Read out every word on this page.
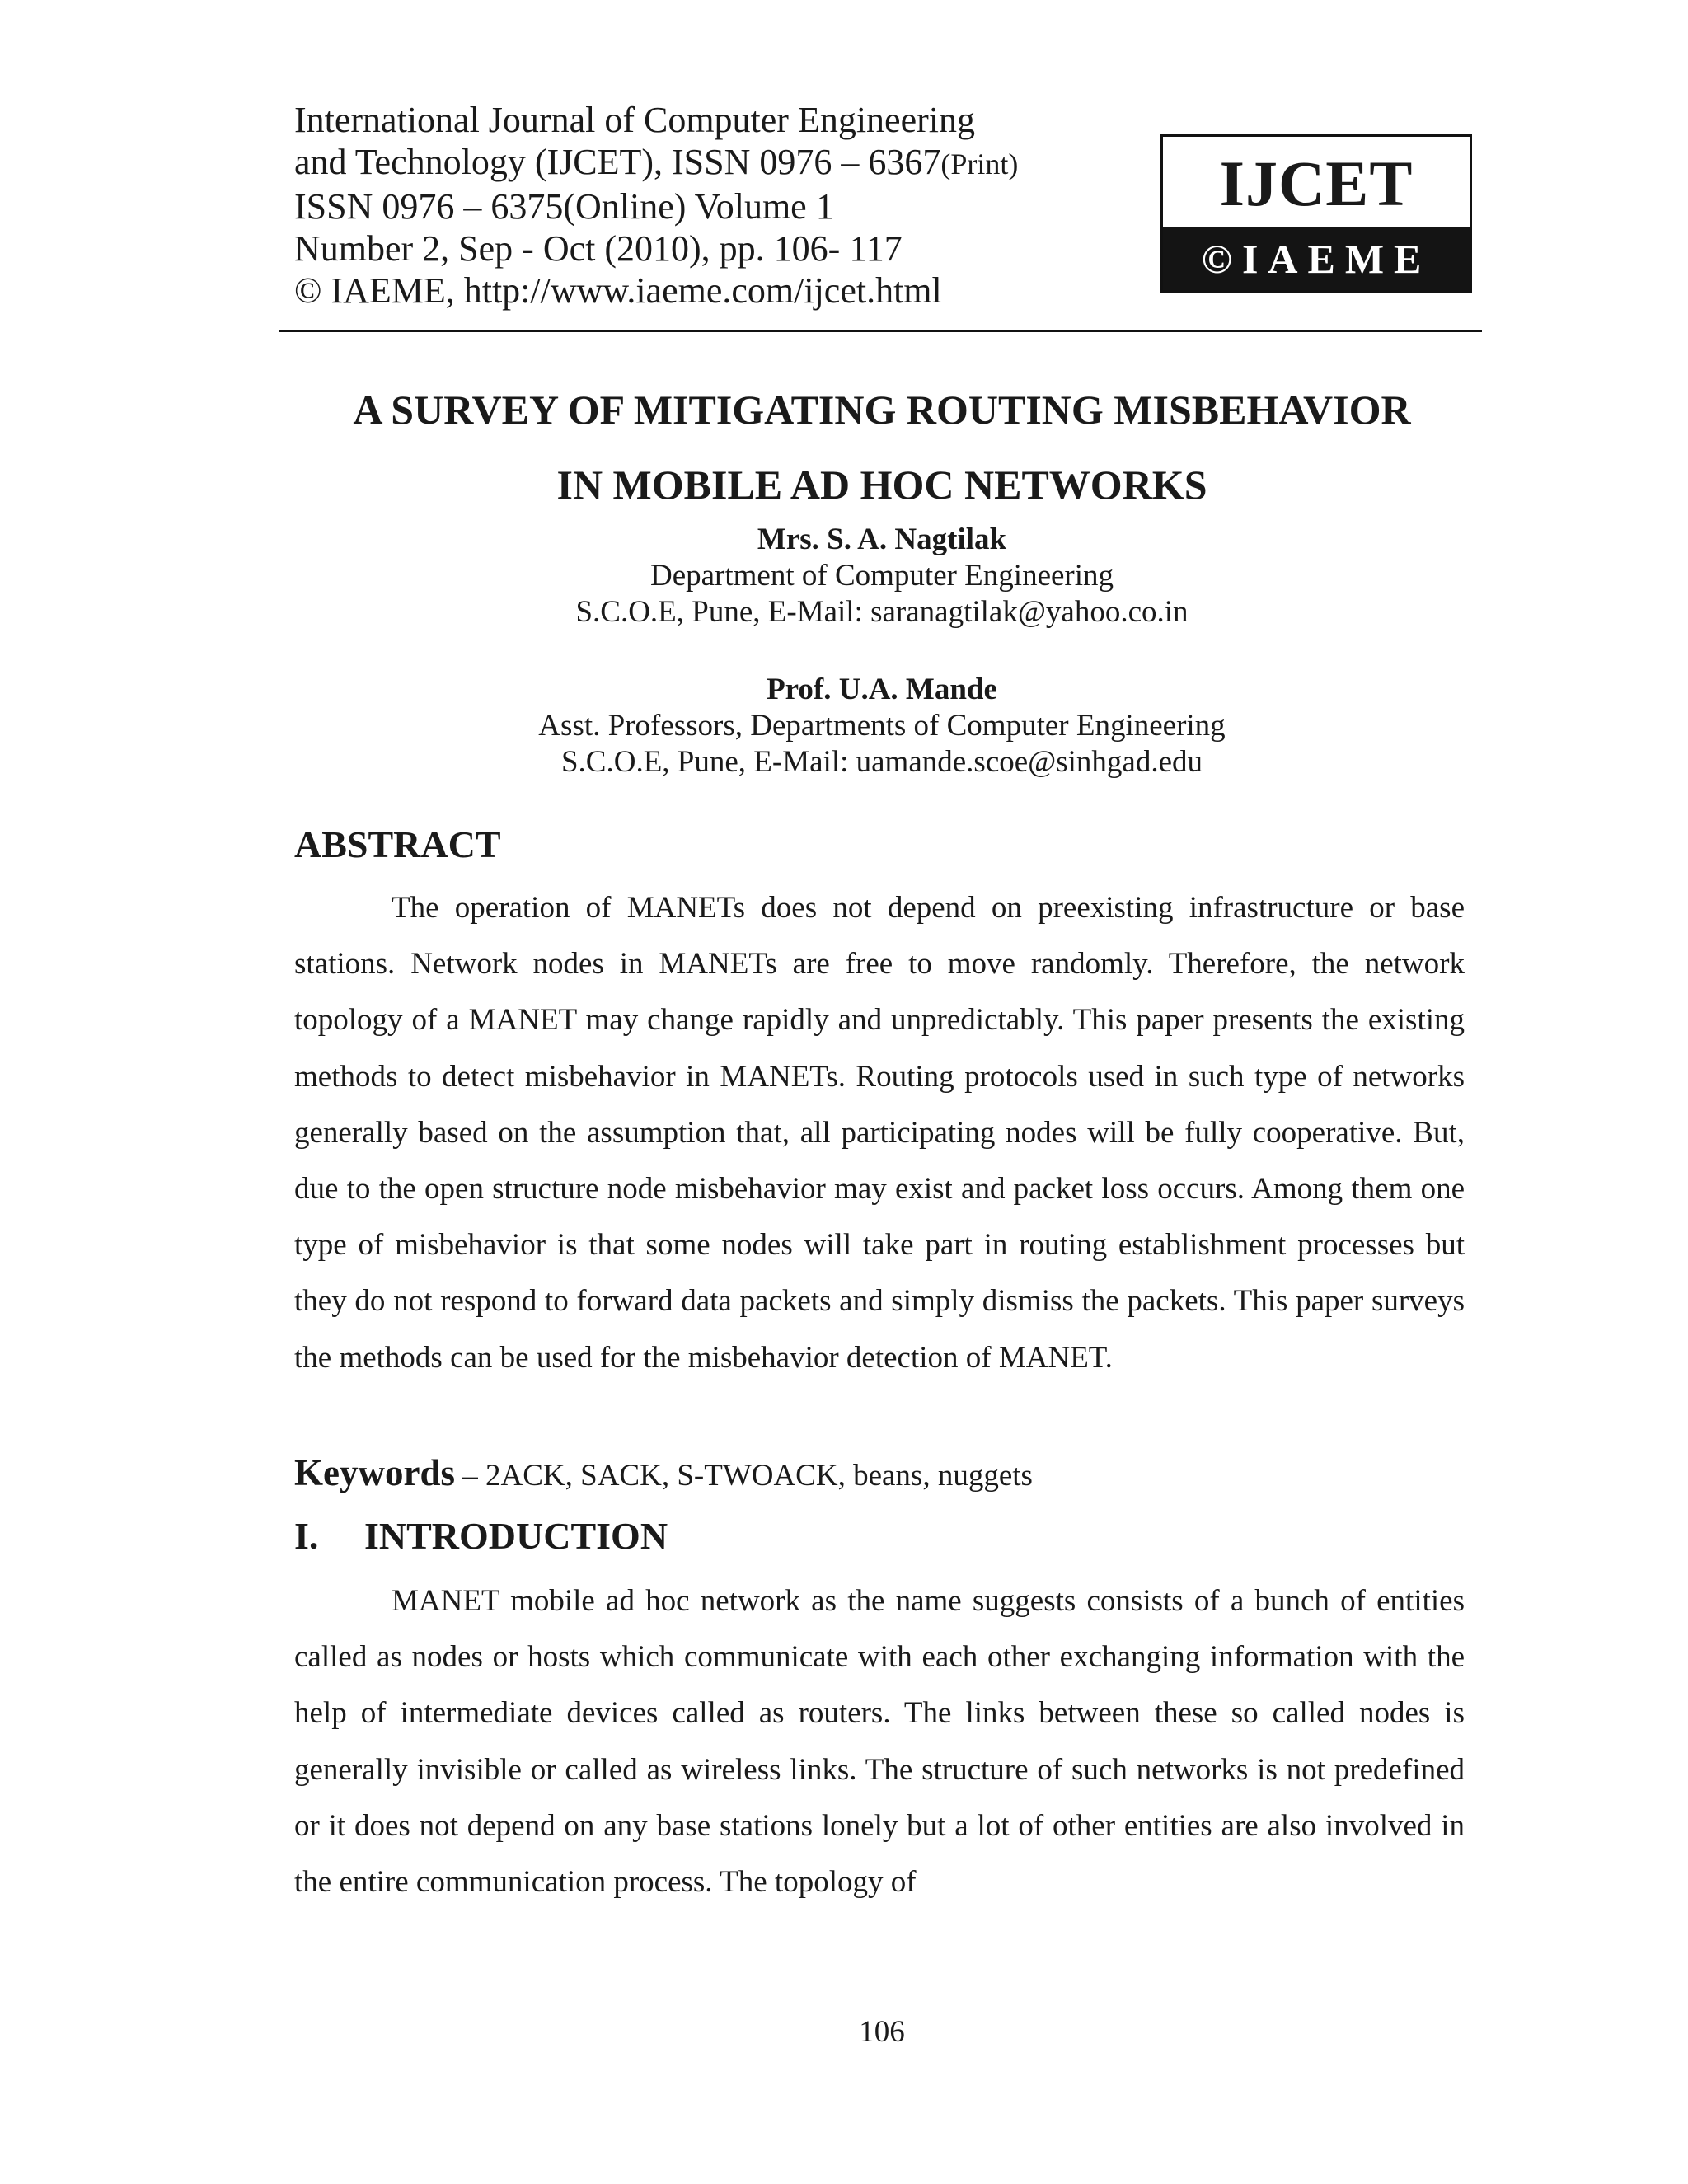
International Journal of Computer Engineering
and Technology (IJCET), ISSN 0976 – 6367(Print)
ISSN 0976 – 6375(Online) Volume 1
Number 2, Sep - Oct (2010), pp. 106- 117
© IAEME, http://www.iaeme.com/ijcet.html
IJCET
©IAEME
A SURVEY OF MITIGATING ROUTING MISBEHAVIOR
IN MOBILE AD HOC NETWORKS
Mrs. S. A. Nagtilak
Department of Computer Engineering
S.C.O.E, Pune, E-Mail: saranagtilak@yahoo.co.in
Prof. U.A. Mande
Asst. Professors, Departments of Computer Engineering
S.C.O.E, Pune, E-Mail: uamande.scoe@sinhgad.edu
ABSTRACT
The operation of MANETs does not depend on preexisting infrastructure or base stations. Network nodes in MANETs are free to move randomly. Therefore, the network topology of a MANET may change rapidly and unpredictably. This paper presents the existing methods to detect misbehavior in MANETs. Routing protocols used in such type of networks generally based on the assumption that, all participating nodes will be fully cooperative. But, due to the open structure node misbehavior may exist and packet loss occurs. Among them one type of misbehavior is that some nodes will take part in routing establishment processes but they do not respond to forward data packets and simply dismiss the packets. This paper surveys the methods can be used for the misbehavior detection of MANET.
Keywords – 2ACK, SACK, S-TWOACK, beans, nuggets
I. INTRODUCTION
MANET mobile ad hoc network as the name suggests consists of a bunch of entities called as nodes or hosts which communicate with each other exchanging information with the help of intermediate devices called as routers. The links between these so called nodes is generally invisible or called as wireless links. The structure of such networks is not predefined or it does not depend on any base stations lonely but a lot of other entities are also involved in the entire communication process. The topology of
106
